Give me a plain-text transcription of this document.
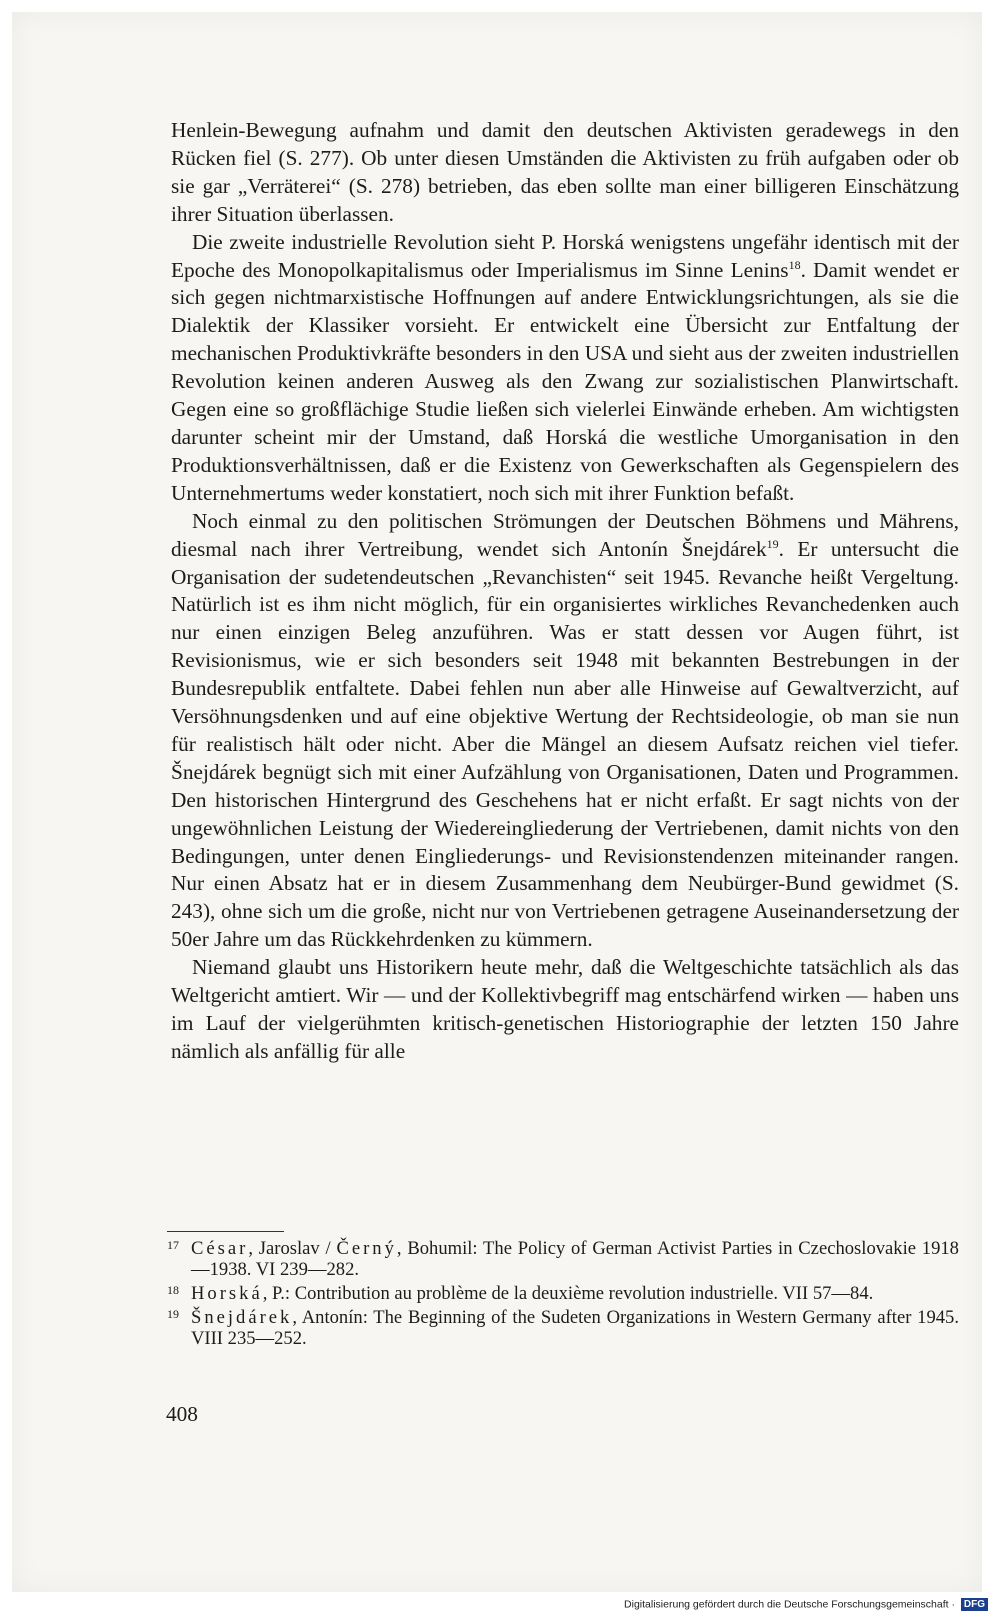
Henlein-Bewegung aufnahm und damit den deutschen Aktivisten geradewegs in den Rücken fiel (S. 277). Ob unter diesen Umständen die Aktivisten zu früh aufgaben oder ob sie gar „Verräterei“ (S. 278) betrieben, das eben sollte man einer billigeren Einschätzung ihrer Situation überlassen.

Die zweite industrielle Revolution sieht P. Horská wenigstens ungefähr identisch mit der Epoche des Monopolkapitalismus oder Imperialismus im Sinne Lenins$^{18}$. Damit wendet er sich gegen nichtmarxistische Hoffnungen auf andere Entwicklungsrichtungen, als sie die Dialektik der Klassiker vorsieht. Er entwickelt eine Übersicht zur Entfaltung der mechanischen Produktivkräfte besonders in den USA und sieht aus der zweiten industriellen Revolution keinen anderen Ausweg als den Zwang zur sozialistischen Planwirtschaft. Gegen eine so großflächige Studie ließen sich vielerlei Einwände erheben. Am wichtigsten darunter scheint mir der Umstand, daß Horská die westliche Umorganisation in den Produktionsverhältnissen, daß er die Existenz von Gewerkschaften als Gegenspielern des Unternehmertums weder konstatiert, noch sich mit ihrer Funktion befaßt.

Noch einmal zu den politischen Strömungen der Deutschen Böhmens und Mährens, diesmal nach ihrer Vertreibung, wendet sich Antonín Šnejdárek$^{19}$. Er untersucht die Organisation der sudetendeutschen „Revanchisten“ seit 1945. Revanche heißt Vergeltung. Natürlich ist es ihm nicht möglich, für ein organisiertes wirkliches Revanchedenken auch nur einen einzigen Beleg anzuführen. Was er statt dessen vor Augen führt, ist Revisionismus, wie er sich besonders seit 1948 mit bekannten Bestrebungen in der Bundesrepublik entfaltete. Dabei fehlen nun aber alle Hinweise auf Gewaltverzicht, auf Versöhnungsdenken und auf eine objektive Wertung der Rechtsideologie, ob man sie nun für realistisch hält oder nicht. Aber die Mängel an diesem Aufsatz reichen viel tiefer. Šnejdárek begnügt sich mit einer Aufzählung von Organisationen, Daten und Programmen. Den historischen Hintergrund des Geschehens hat er nicht erfaßt. Er sagt nichts von der ungewöhnlichen Leistung der Wiedereingliederung der Vertriebenen, damit nichts von den Bedingungen, unter denen Eingliederungs- und Revisionstendenzen miteinander rangen. Nur einen Absatz hat er in diesem Zusammenhang dem Neubürger-Bund gewidmet (S. 243), ohne sich um die große, nicht nur von Vertriebenen getragene Auseinandersetzung der 50er Jahre um das Rückkehrdenken zu kümmern.

Niemand glaubt uns Historikern heute mehr, daß die Weltgeschichte tatsächlich als das Weltgericht amtiert. Wir — und der Kollektivbegriff mag entschärfend wirken — haben uns im Lauf der vielgerühmten kritisch-genetischen Historiographie der letzten 150 Jahre nämlich als anfällig für alle

17 César, Jaroslav / Černý, Bohumil: The Policy of German Activist Parties in Czechoslovakie 1918—1938. VI 239—282.
18 Horská, P.: Contribution au problème de la deuxième revolution industrielle. VII 57—84.
19 Šnejdárek, Antonín: The Beginning of the Sudeten Organizations in Western Germany after 1945. VIII 235—252.
408
Digitalisierung gefördert durch die Deutsche Forschungsgemeinschaft · DFG
